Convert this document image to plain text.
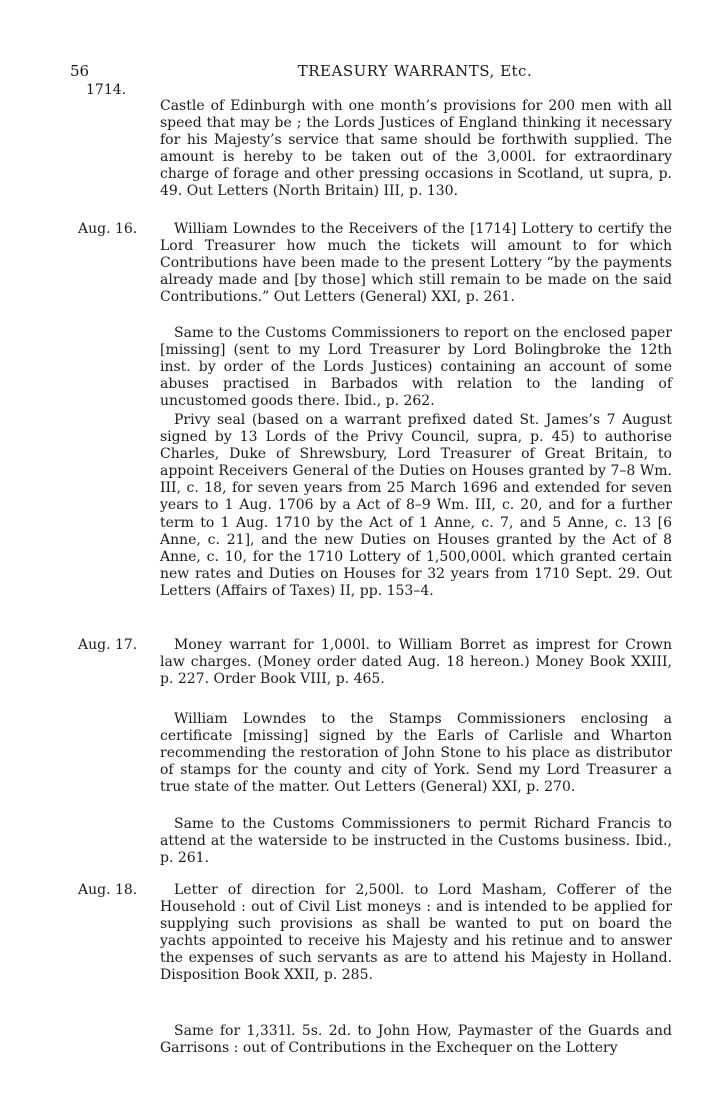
56	TREASURY WARRANTS, Etc.
1714.

Castle of Edinburgh with one month’s provisions for 200 men with all speed that may be ; the Lords Justices of England thinking it necessary for his Majesty’s service that same should be forthwith supplied. The amount is hereby to be taken out of the 3,000l. for extraordinary charge of forage and other pressing occasions in Scotland, ut supra, p. 49. Out Letters (North Britain) III, p. 130.

Aug. 16.	William Lowndes to the Receivers of the [1714] Lottery to certify the Lord Treasurer how much the tickets will amount to for which Contributions have been made to the present Lottery “by the payments already made and [by those] which still remain to be made on the said Contributions.” Out Letters (General) XXI, p. 261.

Same to the Customs Commissioners to report on the enclosed paper [missing] (sent to my Lord Treasurer by Lord Bolingbroke the 12th inst. by order of the Lords Justices) containing an account of some abuses practised in Barbados with relation to the landing of uncustomed goods there. Ibid., p. 262.

Privy seal (based on a warrant prefixed dated St. James’s 7 August signed by 13 Lords of the Privy Council, supra, p. 45) to authorise Charles, Duke of Shrewsbury, Lord Treasurer of Great Britain, to appoint Receivers General of the Duties on Houses granted by 7–8 Wm. III, c. 18, for seven years from 25 March 1696 and extended for seven years to 1 Aug. 1706 by a Act of 8–9 Wm. III, c. 20, and for a further term to 1 Aug. 1710 by the Act of 1 Anne, c. 7, and 5 Anne, c. 13 [6 Anne, c. 21], and the new Duties on Houses granted by the Act of 8 Anne, c. 10, for the 1710 Lottery of 1,500,000l. which granted certain new rates and Duties on Houses for 32 years from 1710 Sept. 29. Out Letters (Affairs of Taxes) II, pp. 153–4.

Aug. 17.	Money warrant for 1,000l. to William Borret as imprest for Crown law charges. (Money order dated Aug. 18 hereon.) Money Book XXIII, p. 227. Order Book VIII, p. 465.

William Lowndes to the Stamps Commissioners enclosing a certificate [missing] signed by the Earls of Carlisle and Wharton recommending the restoration of John Stone to his place as distributor of stamps for the county and city of York. Send my Lord Treasurer a true state of the matter. Out Letters (General) XXI, p. 270.

Same to the Customs Commissioners to permit Richard Francis to attend at the waterside to be instructed in the Customs business. Ibid., p. 261.

Aug. 18.	Letter of direction for 2,500l. to Lord Masham, Cofferer of the Household : out of Civil List moneys : and is intended to be applied for supplying such provisions as shall be wanted to put on board the yachts appointed to receive his Majesty and his retinue and to answer the expenses of such servants as are to attend his Majesty in Holland. Disposition Book XXII, p. 285.

Same for 1,331l. 5s. 2d. to John How, Paymaster of the Guards and Garrisons : out of Contributions in the Exchequer on the Lottery
